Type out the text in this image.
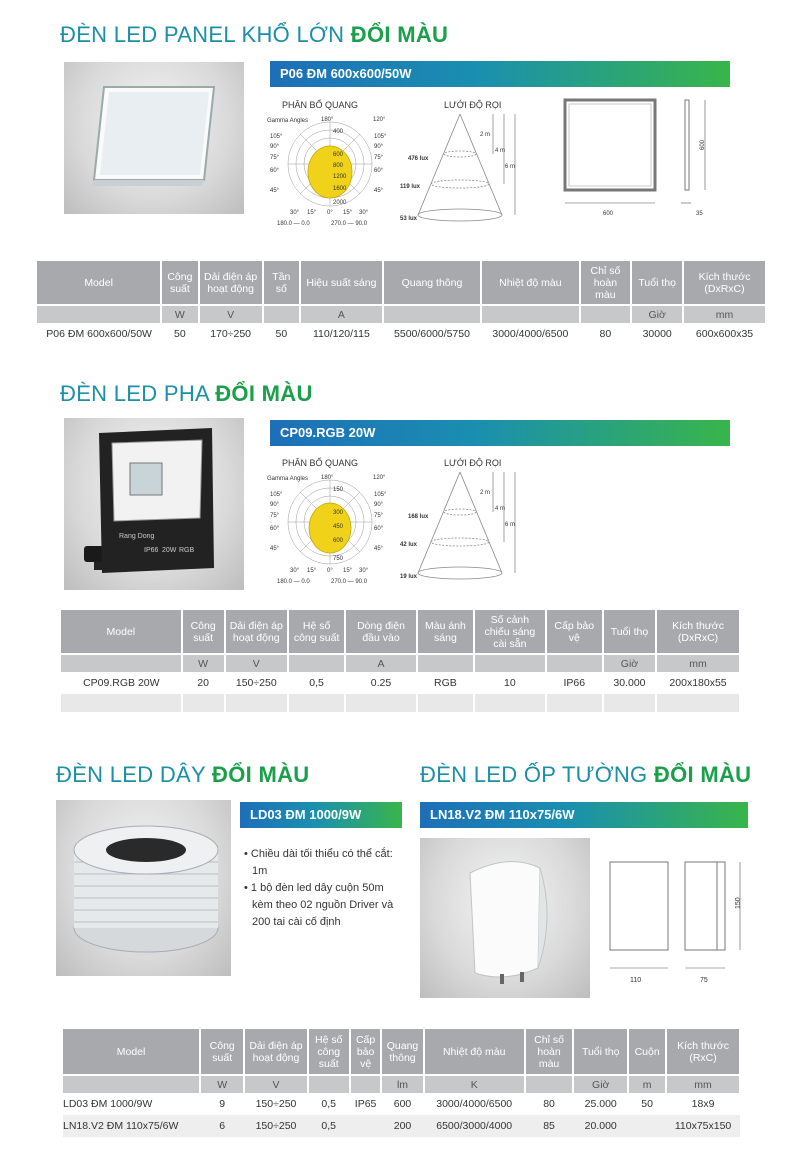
ĐÈN LED PANEL KHỔ LỚN ĐỔI MÀU
P06 ĐM 600x600/50W
PHÂN BỐ QUANG	LƯỚI ĐỘ RỌI
Gamma Angles 180°	120°
105°
90°
75°
60°
45°
105°
90°
75°
60°
45°
400
600
800
1200
1600
2000
30° 15° 0° 15° 30°
180.0 — 0.0	270.0 — 90.0
476 lux
119 lux
53 lux
2 m
4 m
6 m
600
600	35
Model	Công suất	Dải điện áp hoạt động	Tần số	Hiệu suất sáng	Quang thông	Nhiệt độ màu	Chỉ số hoàn màu	Tuổi thọ	Kích thước (DxRxC)
	W	V		A				Giờ	mm
P06 ĐM 600x600/50W	50	170÷250	50	110/120/115	5500/6000/5750	3000/4000/6500	80	30000	600x600x35
ĐÈN LED PHA ĐỔI MÀU
Rang Dong
IP66 20W RGB
CP09.RGB 20W
PHÂN BỐ QUANG	LƯỚI ĐỘ RỌI
Gamma Angles 180°	120°
105°
90°
75°
60°
45°
105°
90°
75°
60°
45°
150
300
450
600
750
30° 15° 0° 15° 30°
180.0 — 0.0	270.0 — 90.0
168 lux
42 lux
19 lux
2 m
4 m
6 m
Model	Công suất	Dải điện áp hoạt động	Hệ số công suất	Dòng điện đầu vào	Màu ánh sáng	Số cảnh chiếu sáng cài sẵn	Cấp bảo vệ	Tuổi thọ	Kích thước (DxRxC)
	W	V		A				Giờ	mm
CP09.RGB 20W	20	150÷250	0,5	0.25	RGB	10	IP66	30.000	200x180x55

ĐÈN LED DÂY ĐỔI MÀU
LD03 ĐM 1000/9W
• Chiều dài tối thiểu có thể cắt: 1m
• 1 bộ đèn led dây cuộn 50m kèm theo 02 nguồn Driver và 200 tai cài cố định
ĐÈN LED ỐP TƯỜNG ĐỔI MÀU
LN18.V2 ĐM 110x75/6W
150
110	75
Model	Công suất	Dải điện áp hoạt động	Hệ số công suất	Cấp bảo vệ	Quang thông	Nhiệt độ màu	Chỉ số hoàn màu	Tuổi thọ	Cuộn	Kích thước (RxC)
	W	V			lm	K		Giờ	m	mm
LD03 ĐM 1000/9W	9	150÷250	0,5	IP65	600	3000/4000/6500	80	25.000	50	18x9
LN18.V2 ĐM 110x75/6W	6	150÷250	0,5		200	6500/3000/4000	85	20.000		110x75x150
